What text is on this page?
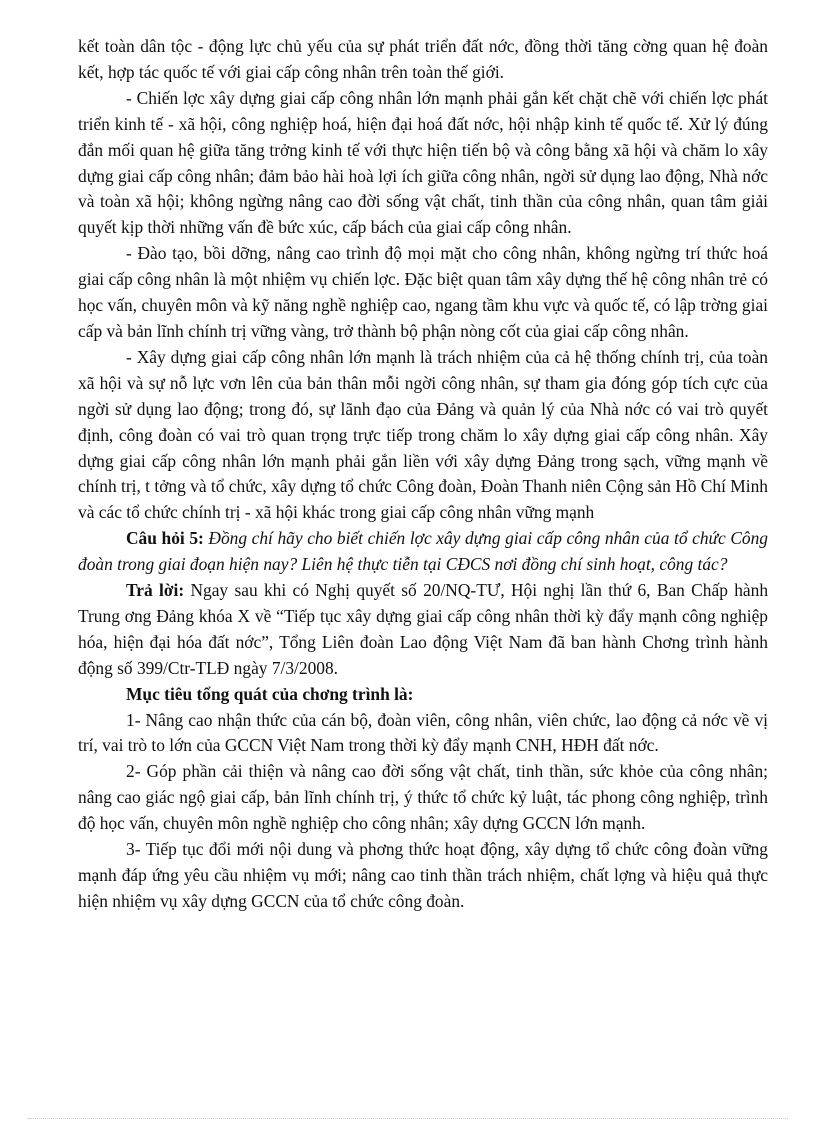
kết toàn dân tộc - động lực chủ yếu của sự phát triển đất nớc, đồng thời tăng cờng quan hệ đoàn kết, hợp tác quốc tế với giai cấp công nhân trên toàn thế giới.

- Chiến lợc xây dựng giai cấp công nhân lớn mạnh phải gắn kết chặt chẽ với chiến lợc phát triển kinh tế - xã hội, công nghiệp hoá, hiện đại hoá đất nớc, hội nhập kinh tế quốc tế. Xử lý đúng đắn mối quan hệ giữa tăng trởng kinh tế với thực hiện tiến bộ và công bằng xã hội và chăm lo xây dựng giai cấp công nhân; đảm bảo hài hoà lợi ích giữa công nhân, ngời sử dụng lao động, Nhà nớc và toàn xã hội; không ngừng nâng cao đời sống vật chất, tinh thần của công nhân, quan tâm giải quyết kịp thời những vấn đề bức xúc, cấp bách của giai cấp công nhân.

- Đào tạo, bồi dỡng, nâng cao trình độ mọi mặt cho công nhân, không ngừng trí thức hoá giai cấp công nhân là một nhiệm vụ chiến lợc. Đặc biệt quan tâm xây dựng thế hệ công nhân trẻ có học vấn, chuyên môn và kỹ năng nghề nghiệp cao, ngang tầm khu vực và quốc tế, có lập trờng giai cấp và bản lĩnh chính trị vững vàng, trở thành bộ phận nòng cốt của giai cấp công nhân.

- Xây dựng giai cấp công nhân lớn mạnh là trách nhiệm của cả hệ thống chính trị, của toàn xã hội và sự nỗ lực vơn lên của bản thân mỗi ngời công nhân, sự tham gia đóng góp tích cực của ngời sử dụng lao động; trong đó, sự lãnh đạo của Đảng và quản lý của Nhà nớc có vai trò quyết định, công đoàn có vai trò quan trọng trực tiếp trong chăm lo xây dựng giai cấp công nhân. Xây dựng giai cấp công nhân lớn mạnh phải gắn liền với xây dựng Đảng trong sạch, vững mạnh về chính trị, t tởng và tổ chức, xây dựng tổ chức Công đoàn, Đoàn Thanh niên Cộng sản Hồ Chí Minh và các tổ chức chính trị - xã hội khác trong giai cấp công nhân vững mạnh

Câu hỏi 5: Đồng chí hãy cho biết chiến lợc xây dựng giai cấp công nhân của tổ chức Công đoàn trong giai đoạn hiện nay? Liên hệ thực tiễn tại CĐCS nơi đồng chí sinh hoạt, công tác?

Trả lời: Ngay sau khi có Nghị quyết số 20/NQ-TƯ, Hội nghị lần thứ 6, Ban Chấp hành Trung ơng Đảng khóa X về “Tiếp tục xây dựng giai cấp công nhân thời kỳ đẩy mạnh công nghiệp hóa, hiện đại hóa đất nớc”, Tổng Liên đoàn Lao động Việt Nam đã ban hành Chơng trình hành động số 399/Ctr-TLĐ ngày 7/3/2008.

Mục tiêu tổng quát của chơng trình là:

1- Nâng cao nhận thức của cán bộ, đoàn viên, công nhân, viên chức, lao động cả nớc về vị trí, vai trò to lớn của GCCN Việt Nam trong thời kỳ đẩy mạnh CNH, HĐH đất nớc.

2- Góp phần cải thiện và nâng cao đời sống vật chất, tinh thần, sức khỏe của công nhân; nâng cao giác ngộ giai cấp, bản lĩnh chính trị, ý thức tổ chức kỷ luật, tác phong công nghiệp, trình độ học vấn, chuyên môn nghề nghiệp cho công nhân; xây dựng GCCN lớn mạnh.

3- Tiếp tục đổi mới nội dung và phơng thức hoạt động, xây dựng tổ chức công đoàn vững mạnh đáp ứng yêu cầu nhiệm vụ mới; nâng cao tinh thần trách nhiệm, chất lợng và hiệu quả thực hiện nhiệm vụ xây dựng GCCN của tổ chức công đoàn.
